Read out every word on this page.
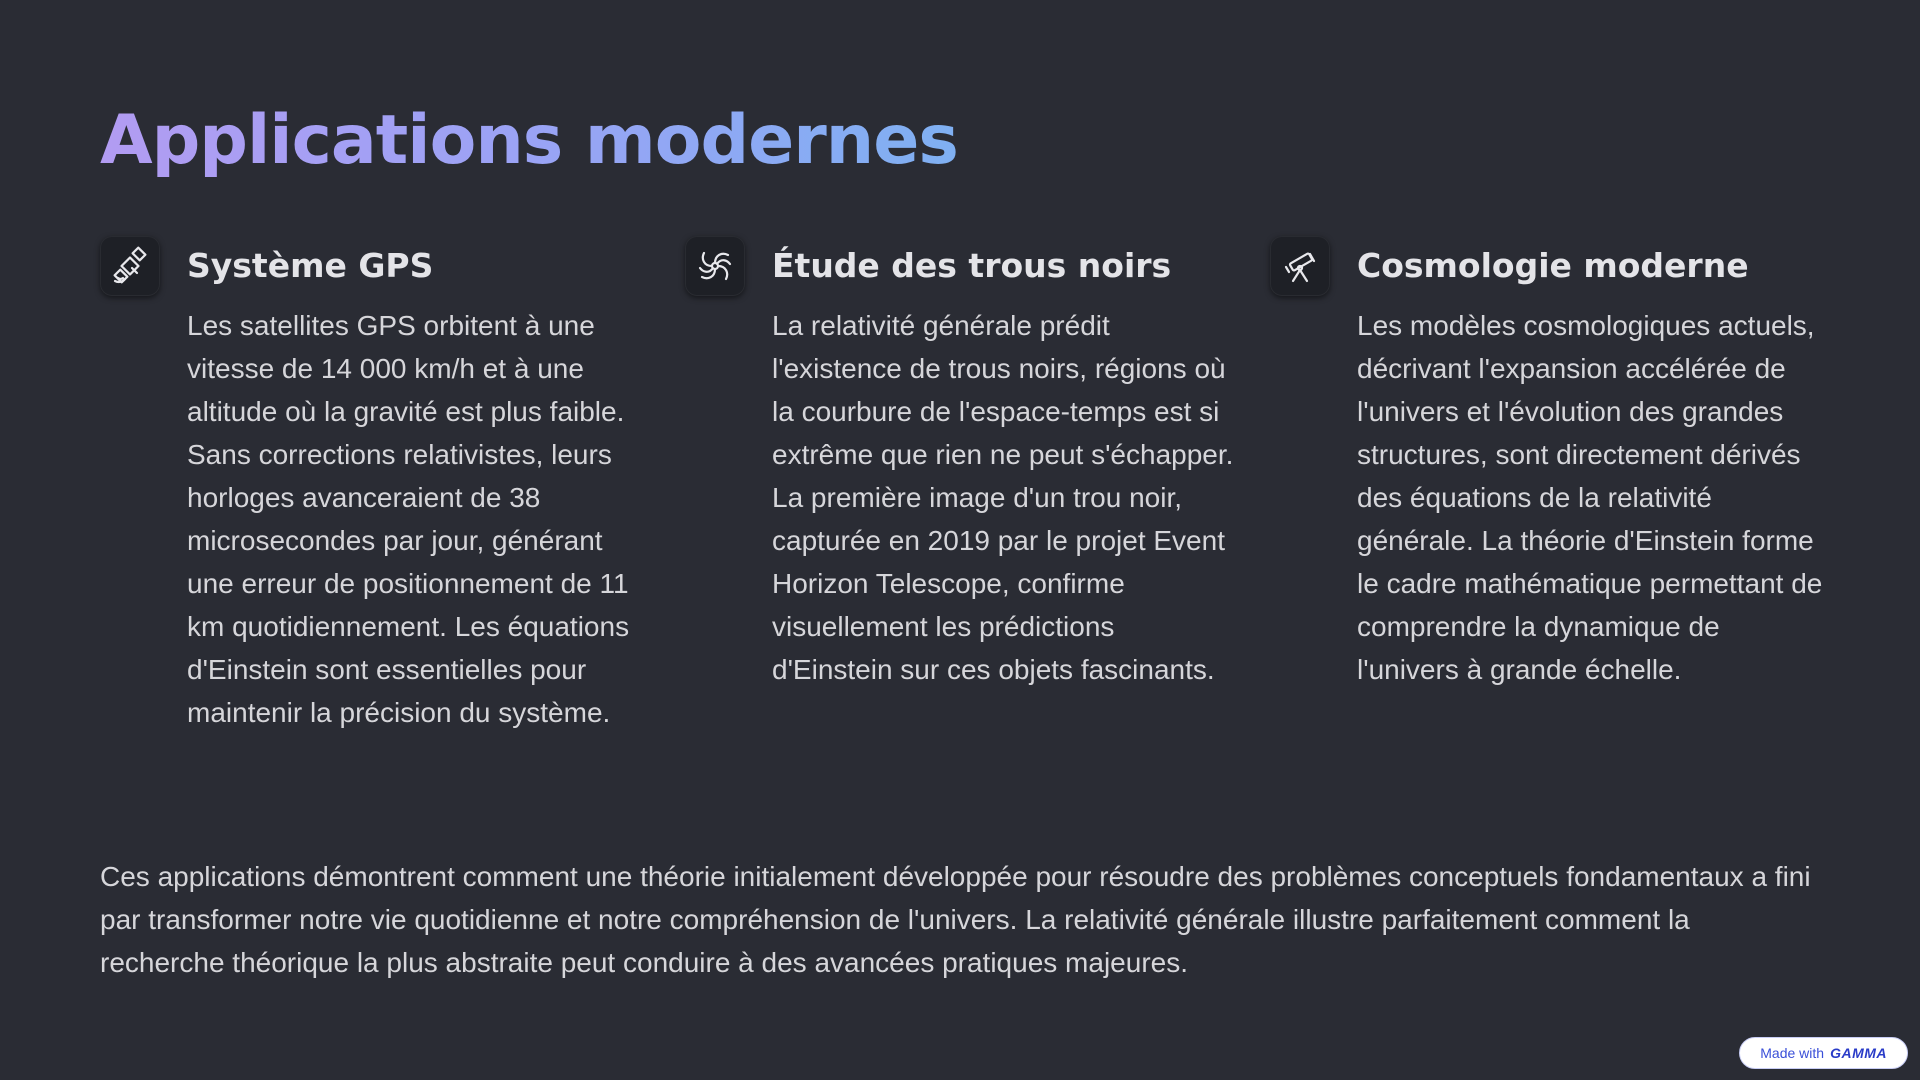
Applications modernes
Système GPS

Les satellites GPS orbitent à une vitesse de 14 000 km/h et à une altitude où la gravité est plus faible. Sans corrections relativistes, leurs horloges avanceraient de 38 microsecondes par jour, générant une erreur de positionnement de 11 km quotidiennement. Les équations d'Einstein sont essentielles pour maintenir la précision du système.

Étude des trous noirs

La relativité générale prédit l'existence de trous noirs, régions où la courbure de l'espace-temps est si extrême que rien ne peut s'échapper. La première image d'un trou noir, capturée en 2019 par le projet Event Horizon Telescope, confirme visuellement les prédictions d'Einstein sur ces objets fascinants.

Cosmologie moderne

Les modèles cosmologiques actuels, décrivant l'expansion accélérée de l'univers et l'évolution des grandes structures, sont directement dérivés des équations de la relativité générale. La théorie d'Einstein forme le cadre mathématique permettant de comprendre la dynamique de l'univers à grande échelle.

Ces applications démontrent comment une théorie initialement développée pour résoudre des problèmes conceptuels fondamentaux a fini par transformer notre vie quotidienne et notre compréhension de l'univers. La relativité générale illustre parfaitement comment la recherche théorique la plus abstraite peut conduire à des avancées pratiques majeures.

Made with GAMMA
